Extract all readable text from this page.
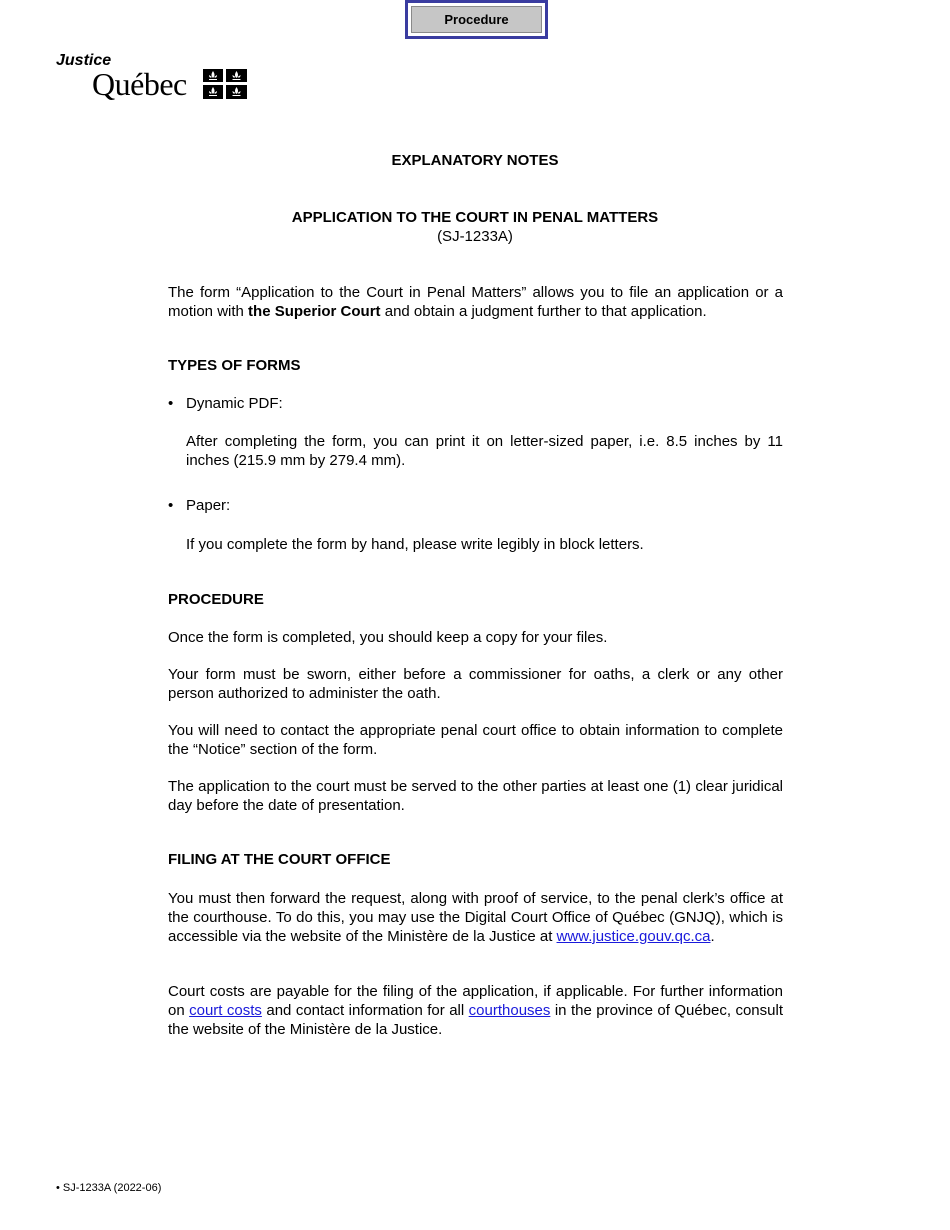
Procedure
Justice
Québec
EXPLANATORY NOTES
APPLICATION TO THE COURT IN PENAL MATTERS
(SJ-1233A)

The form “Application to the Court in Penal Matters” allows you to file an application or a motion with the Superior Court and obtain a judgment further to that application.

TYPES OF FORMS
• Dynamic PDF:

After completing the form, you can print it on letter-sized paper, i.e. 8.5 inches by 11 inches (215.9 mm by 279.4 mm).

• Paper:

If you complete the form by hand, please write legibly in block letters.

PROCEDURE

Once the form is completed, you should keep a copy for your files.

Your form must be sworn, either before a commissioner for oaths, a clerk or any other person authorized to administer the oath.

You will need to contact the appropriate penal court office to obtain information to complete the “Notice” section of the form.

The application to the court must be served to the other parties at least one (1) clear juridical day before the date of presentation.

FILING AT THE COURT OFFICE

You must then forward the request, along with proof of service, to the penal clerk’s office at the courthouse. To do this, you may use the Digital Court Office of Québec (GNJQ), which is accessible via the website of the Ministère de la Justice at www.justice.gouv.qc.ca.

Court costs are payable for the filing of the application, if applicable. For further information on court costs and contact information for all courthouses in the province of Québec, consult the website of the Ministère de la Justice.

• SJ-1233A (2022-06)
